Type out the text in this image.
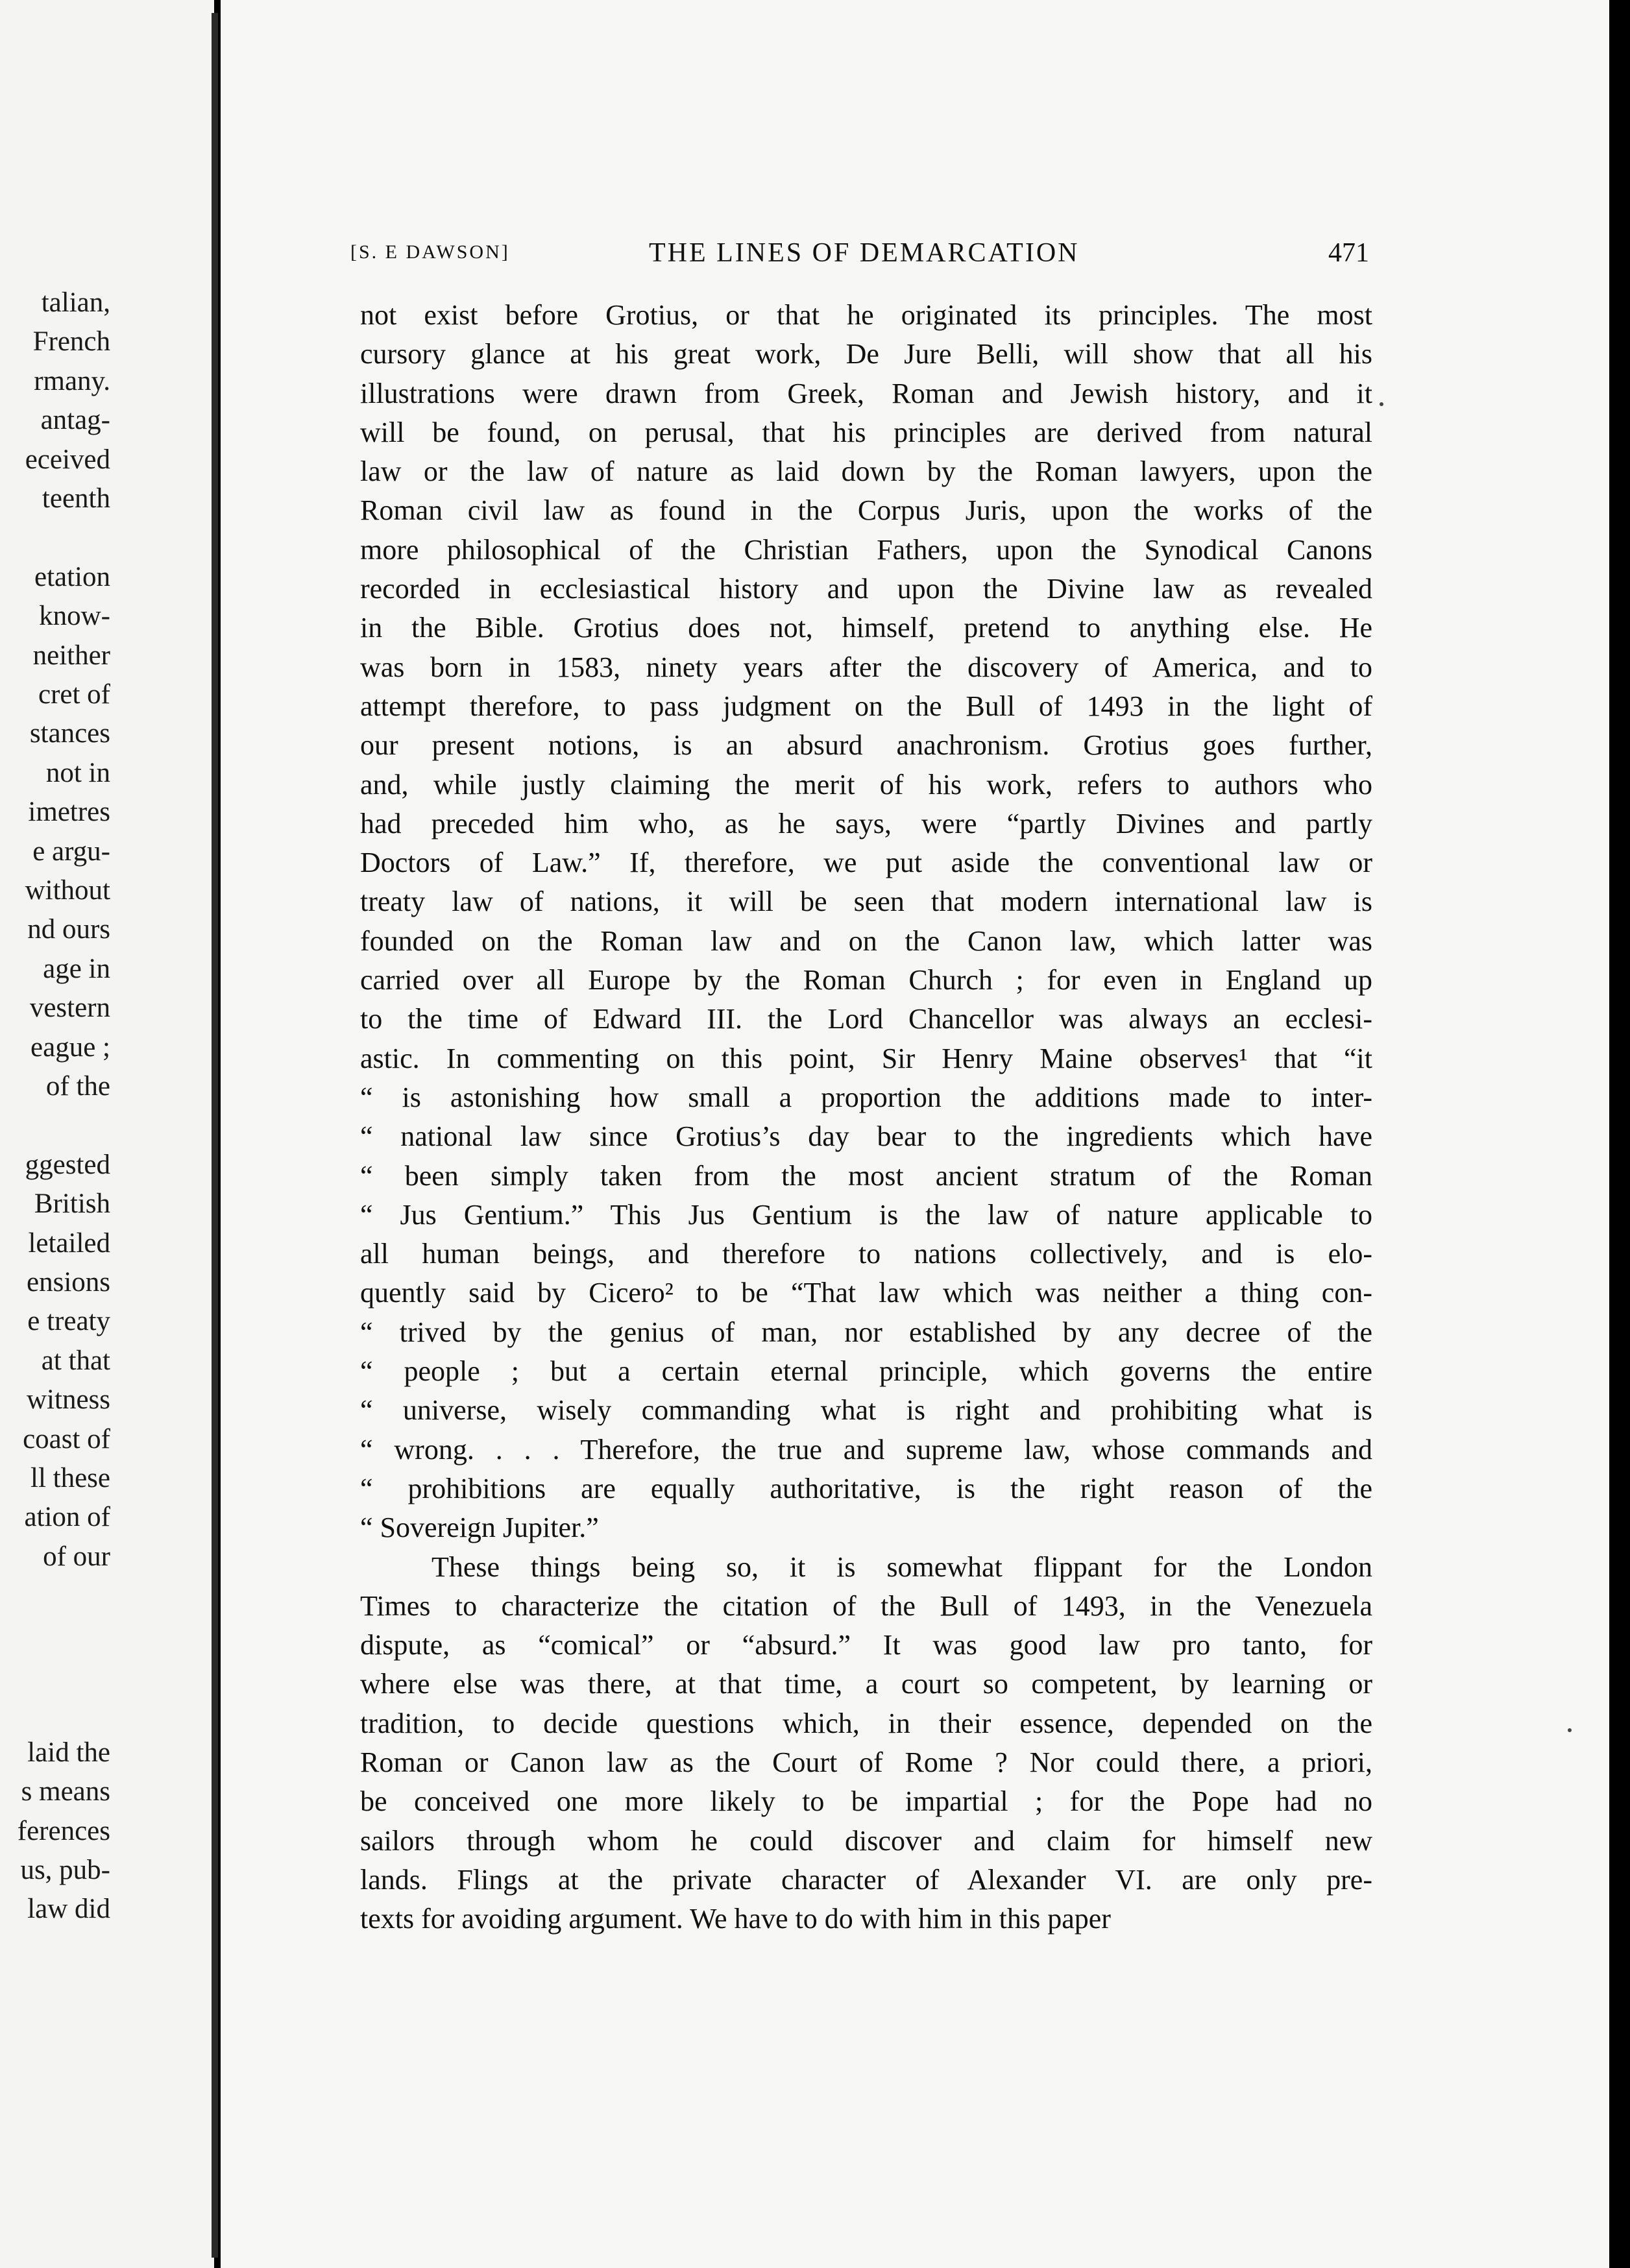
talian,
French
rmany.
antag-
eceived
teenth
etation
know-
neither
cret of
stances
not in
imetres
e argu-
without
nd ours
age in
vestern
eague ;
of the
ggested
British
letailed
ensions
e treaty
at that
witness
coast of
ll these
ation of
of our
laid the
s means
ferences
us, pub-
law did
[S. E DAWSON]	THE LINES OF DEMARCATION	471
not exist before Grotius, or that he originated its principles. The most
cursory glance at his great work, De Jure Belli, will show that all his
illustrations were drawn from Greek, Roman and Jewish history, and it
will be found, on perusal, that his principles are derived from natural
law or the law of nature as laid down by the Roman lawyers, upon the
Roman civil law as found in the Corpus Juris, upon the works of the
more philosophical of the Christian Fathers, upon the Synodical Canons
recorded in ecclesiastical history and upon the Divine law as revealed
in the Bible. Grotius does not, himself, pretend to anything else. He
was born in 1583, ninety years after the discovery of America, and to
attempt therefore, to pass judgment on the Bull of 1493 in the light of
our present notions, is an absurd anachronism. Grotius goes further,
and, while justly claiming the merit of his work, refers to authors who
had preceded him who, as he says, were “partly Divines and partly
Doctors of Law.” If, therefore, we put aside the conventional law or
treaty law of nations, it will be seen that modern international law is
founded on the Roman law and on the Canon law, which latter was
carried over all Europe by the Roman Church ; for even in England up
to the time of Edward III. the Lord Chancellor was always an ecclesi-
astic. In commenting on this point, Sir Henry Maine observes¹ that “it
“ is astonishing how small a proportion the additions made to inter-
“ national law since Grotius’s day bear to the ingredients which have
“ been simply taken from the most ancient stratum of the Roman
“ Jus Gentium.” This Jus Gentium is the law of nature applicable to
all human beings, and therefore to nations collectively, and is elo-
quently said by Cicero² to be “That law which was neither a thing con-
“ trived by the genius of man, nor established by any decree of the
“ people ; but a certain eternal principle, which governs the entire
“ universe, wisely commanding what is right and prohibiting what is
“ wrong. . . . Therefore, the true and supreme law, whose commands and
“ prohibitions are equally authoritative, is the right reason of the
“ Sovereign Jupiter.”
These things being so, it is somewhat flippant for the London
Times to characterize the citation of the Bull of 1493, in the Venezuela
dispute, as “comical” or “absurd.” It was good law pro tanto, for
where else was there, at that time, a court so competent, by learning or
tradition, to decide questions which, in their essence, depended on the
Roman or Canon law as the Court of Rome ? Nor could there, a priori,
be conceived one more likely to be impartial ; for the Pope had no
sailors through whom he could discover and claim for himself new
lands. Flings at the private character of Alexander VI. are only pre-
texts for avoiding argument. We have to do with him in this paper
